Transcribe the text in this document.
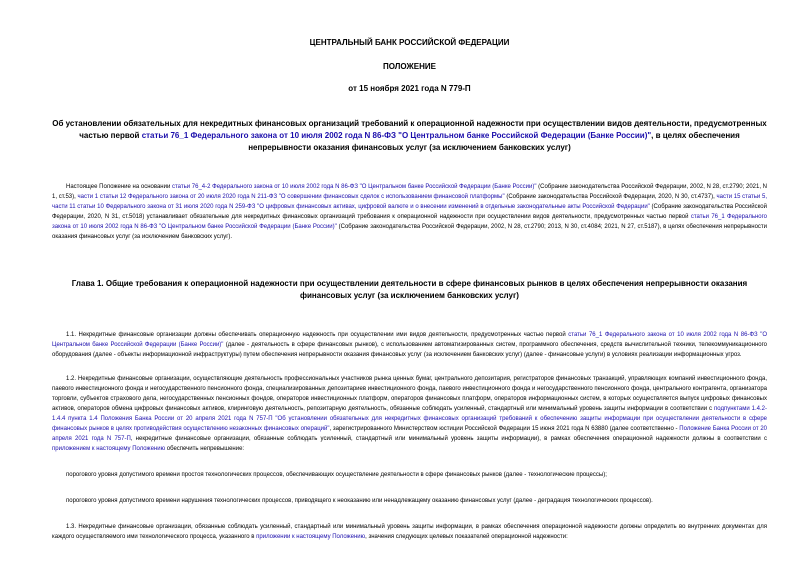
ЦЕНТРАЛЬНЫЙ БАНК РОССИЙСКОЙ ФЕДЕРАЦИИ
ПОЛОЖЕНИЕ
от 15 ноября 2021 года N 779-П
Об установлении обязательных для некредитных финансовых организаций требований к операционной надежности при осуществлении видов деятельности, предусмотренных частью первой статьи 76_1 Федерального закона от 10 июля 2002 года N 86-ФЗ "О Центральном банке Российской Федерации (Банке России)", в целях обеспечения непрерывности оказания финансовых услуг (за исключением банковских услуг)

Настоящее Положение на основании статьи 76_4-2 Федерального закона от 10 июля 2002 года N 86-ФЗ "О Центральном банке Российской Федерации (Банке России)" (Собрание законодательства Российской Федерации, 2002, N 28, ст.2790; 2021, N 1, ст.53), части 1 статьи 12 Федерального закона от 20 июля 2020 года N 211-ФЗ "О совершении финансовых сделок с использованием финансовой платформы" (Собрание законодательства Российской Федерации, 2020, N 30, ст.4737), части 15 статьи 5, части 11 статьи 10 Федерального закона от 31 июля 2020 года N 259-ФЗ "О цифровых финансовых активах, цифровой валюте и о внесении изменений в отдельные законодательные акты Российской Федерации" (Собрание законодательства Российской Федерации, 2020, N 31, ст.5018) устанавливает обязательные для некредитных финансовых организаций требования к операционной надежности при осуществлении видов деятельности, предусмотренных частью первой статьи 76_1 Федерального закона от 10 июля 2002 года N 86-ФЗ "О Центральном банке Российской Федерации (Банке России)" (Собрание законодательства Российской Федерации, 2002, N 28, ст.2790; 2013, N 30, ст.4084; 2021, N 27, ст.5187), в целях обеспечения непрерывности оказания финансовых услуг (за исключением банковских услуг).

Глава 1. Общие требования к операционной надежности при осуществлении деятельности в сфере финансовых рынков в целях обеспечения непрерывности оказания финансовых услуг (за исключением банковских услуг)

1.1. Некредитные финансовые организации должны обеспечивать операционную надежность при осуществлении ими видов деятельности, предусмотренных частью первой статьи 76_1 Федерального закона от 10 июля 2002 года N 86-ФЗ "О Центральном банке Российской Федерации (Банке России)" (далее - деятельность в сфере финансовых рынков), с использованием автоматизированных систем, программного обеспечения, средств вычислительной техники, телекоммуникационного оборудования (далее - объекты информационной инфраструктуры) путем обеспечения непрерывности оказания финансовых услуг (за исключением банковских услуг) (далее - финансовые услуги) в условиях реализации информационных угроз.

1.2. Некредитные финансовые организации, осуществляющие деятельность профессиональных участников рынка ценных бумаг, центрального депозитария, регистраторов финансовых транзакций, управляющих компаний инвестиционного фонда, паевого инвестиционного фонда и негосударственного пенсионного фонда, специализированных депозитариев инвестиционного фонда, паевого инвестиционного фонда и негосударственного пенсионного фонда, центрального контрагента, организатора торговли, субъектов страхового дела, негосударственных пенсионных фондов, операторов инвестиционных платформ, операторов финансовых платформ, операторов информационных систем, в которых осуществляется выпуск цифровых финансовых активов, операторов обмена цифровых финансовых активов, клиринговую деятельность, репозитарную деятельность, обязанные соблюдать усиленный, стандартный или минимальный уровень защиты информации в соответствии с подпунктами 1.4.2-1.4.4 пункта 1.4 Положения Банка России от 20 апреля 2021 года N 757-П "Об установлении обязательных для некредитных финансовых организаций требований к обеспечению защиты информации при осуществлении деятельности в сфере финансовых рынков в целях противодействия осуществлению незаконных финансовых операций", зарегистрированного Министерством юстиции Российской Федерации 15 июня 2021 года N 63880 (далее соответственно - Положение Банка России от 20 апреля 2021 года N 757-П, некредитные финансовые организации, обязанные соблюдать усиленный, стандартный или минимальный уровень защиты информации), в рамках обеспечения операционной надежности должны в соответствии с приложением к настоящему Положению обеспечить непревышение:

порогового уровня допустимого времени простоя технологических процессов, обеспечивающих осуществление деятельности в сфере финансовых рынков (далее - технологические процессы);

порогового уровня допустимого времени нарушения технологических процессов, приводящего к неоказанию или ненадлежащему оказанию финансовых услуг (далее - деградация технологических процессов).

1.3. Некредитные финансовые организации, обязанные соблюдать усиленный, стандартный или минимальный уровень защиты информации, в рамках обеспечения операционной надежности должны определить во внутренних документах для каждого осуществляемого ими технологического процесса, указанного в приложении к настоящему Положению, значения следующих целевых показателей операционной надежности:
